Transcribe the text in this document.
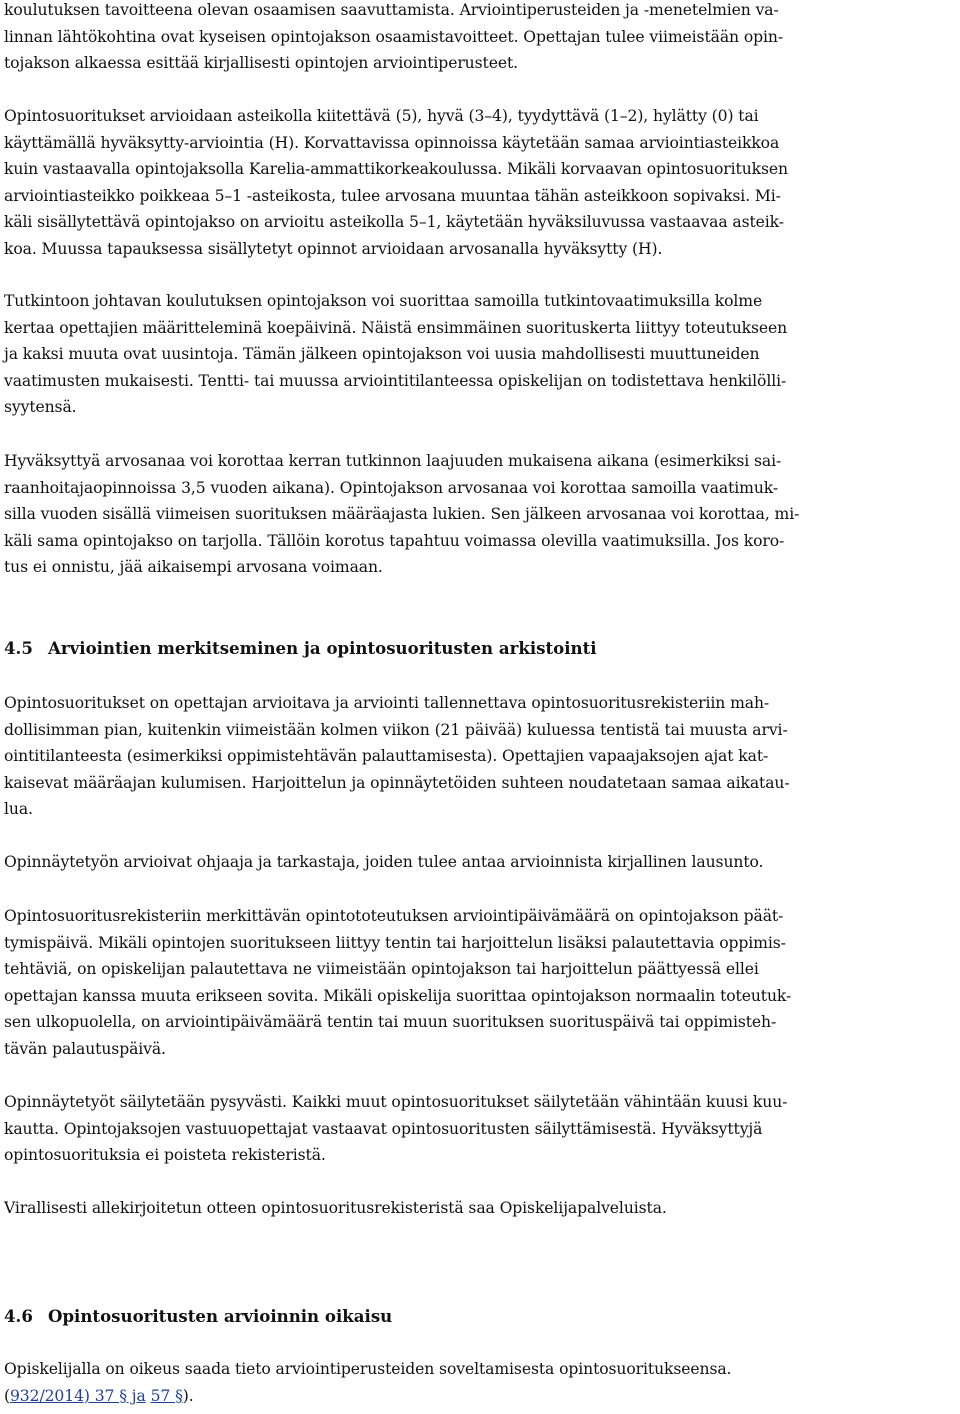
koulutuksen tavoitteena olevan osaamisen saavuttamista. Arviointiperusteiden ja -menetelmien va-

linnan lähtökohtina ovat kyseisen opintojakson osaamistavoitteet. Opettajan tulee viimeistään opin-

tojakson alkaessa esittää kirjallisesti opintojen arviointiperusteet.

Opintosuoritukset arvioidaan asteikolla kiitettävä (5), hyvä (3–4), tyydyttävä (1–2), hylätty (0) tai

käyttämällä hyväksytty-arviointia (H). Korvattavissa opinnoissa käytetään samaa arviointiasteikkoa

kuin vastaavalla opintojaksolla Karelia-ammattikorkeakoulussa. Mikäli korvaavan opintosuorituksen

arviointiasteikko poikkeaa 5–1 -asteikosta, tulee arvosana muuntaa tähän asteikkoon sopivaksi. Mi-

käli sisällytettävä opintojakso on arvioitu asteikolla 5–1, käytetään hyväksiluvussa vastaavaa asteik-

koa. Muussa tapauksessa sisällytetyt opinnot arvioidaan arvosanalla hyväksytty (H).

Tutkintoon johtavan koulutuksen opintojakson voi suorittaa samoilla tutkintovaatimuksilla kolme

kertaa opettajien määritteleminä koepäivinä. Näistä ensimmäinen suorituskerta liittyy toteutukseen

ja kaksi muuta ovat uusintoja. Tämän jälkeen opintojakson voi uusia mahdollisesti muuttuneiden

vaatimusten mukaisesti. Tentti- tai muussa arviointitilanteessa opiskelijan on todistettava henkilölli-

syytensä.

Hyväksyttyä arvosanaa voi korottaa kerran tutkinnon laajuuden mukaisena aikana (esimerkiksi sai-

raanhoitajaopinnoissa 3,5 vuoden aikana). Opintojakson arvosanaa voi korottaa samoilla vaatimuk-

silla vuoden sisällä viimeisen suorituksen määräajasta lukien. Sen jälkeen arvosanaa voi korottaa, mi-

käli sama opintojakso on tarjolla. Tällöin korotus tapahtuu voimassa olevilla vaatimuksilla. Jos koro-

tus ei onnistu, jää aikaisempi arvosana voimaan.

4.5 Arviointien merkitseminen ja opintosuoritusten arkistointi

Opintosuoritukset on opettajan arvioitava ja arviointi tallennettava opintosuoritusrekisteriin mah-

dollisimman pian, kuitenkin viimeistään kolmen viikon (21 päivää) kuluessa tentistä tai muusta arvi-

ointitilanteesta (esimerkiksi oppimistehtävän palauttamisesta). Opettajien vapaajaksojen ajat kat-

kaisevat määräajan kulumisen. Harjoittelun ja opinnäytetöiden suhteen noudatetaan samaa aikatau-

lua.

Opinnäytetyön arvioivat ohjaaja ja tarkastaja, joiden tulee antaa arvioinnista kirjallinen lausunto.

Opintosuoritusrekisteriin merkittävän opintototeutuksen arviointipäivämäärä on opintojakson päät-

tymispäivä. Mikäli opintojen suoritukseen liittyy tentin tai harjoittelun lisäksi palautettavia oppimis-

tehtäviä, on opiskelijan palautettava ne viimeistään opintojakson tai harjoittelun päättyessä ellei

opettajan kanssa muuta erikseen sovita. Mikäli opiskelija suorittaa opintojakson normaalin toteutuk-

sen ulkopuolella, on arviointipäivämäärä tentin tai muun suorituksen suorituspäivä tai oppimisteh-

tävän palautuspäivä.

Opinnäytetyöt säilytetään pysyvästi. Kaikki muut opintosuoritukset säilytetään vähintään kuusi kuu-

kautta. Opintojaksojen vastuuopettajat vastaavat opintosuoritusten säilyttämisestä. Hyväksyttyjä

opintosuorituksia ei poisteta rekisteristä.

Virallisesti allekirjoitetun otteen opintosuoritusrekisteristä saa Opiskelijapalveluista.

4.6 Opintosuoritusten arvioinnin oikaisu

Opiskelijalla on oikeus saada tieto arviointiperusteiden soveltamisesta opintosuoritukseensa.

(932/2014) 37 § ja 57 §).
